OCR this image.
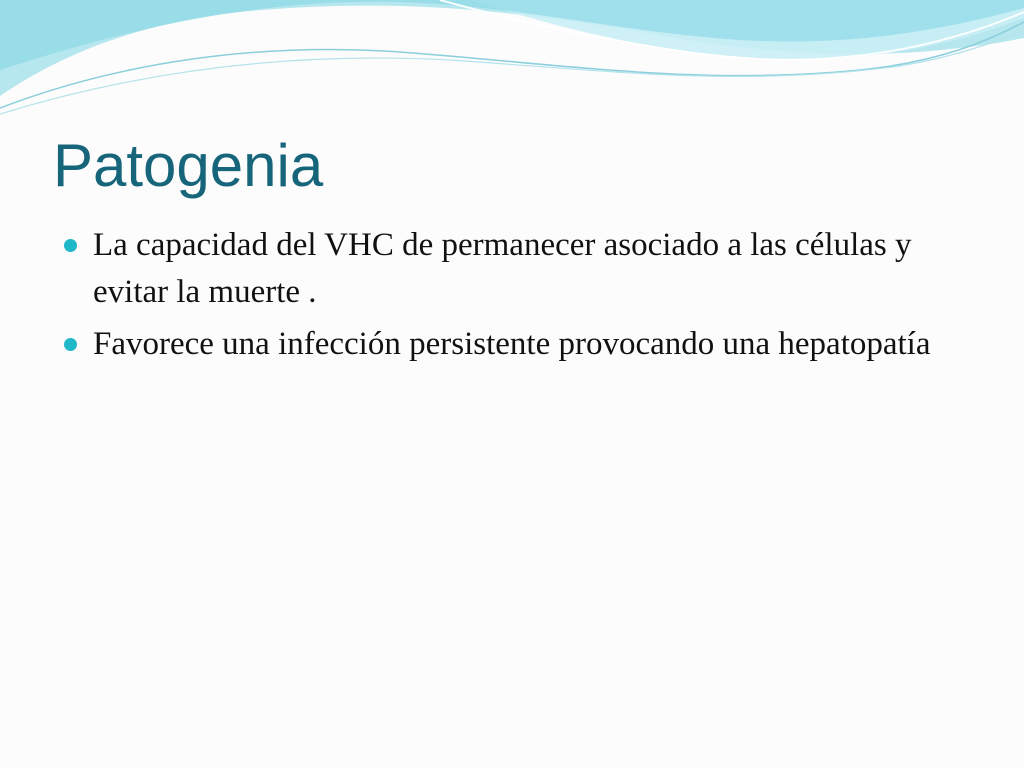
Patogenia
La capacidad del VHC de permanecer asociado a las células y evitar la muerte .
Favorece una infección persistente provocando una hepatopatía
